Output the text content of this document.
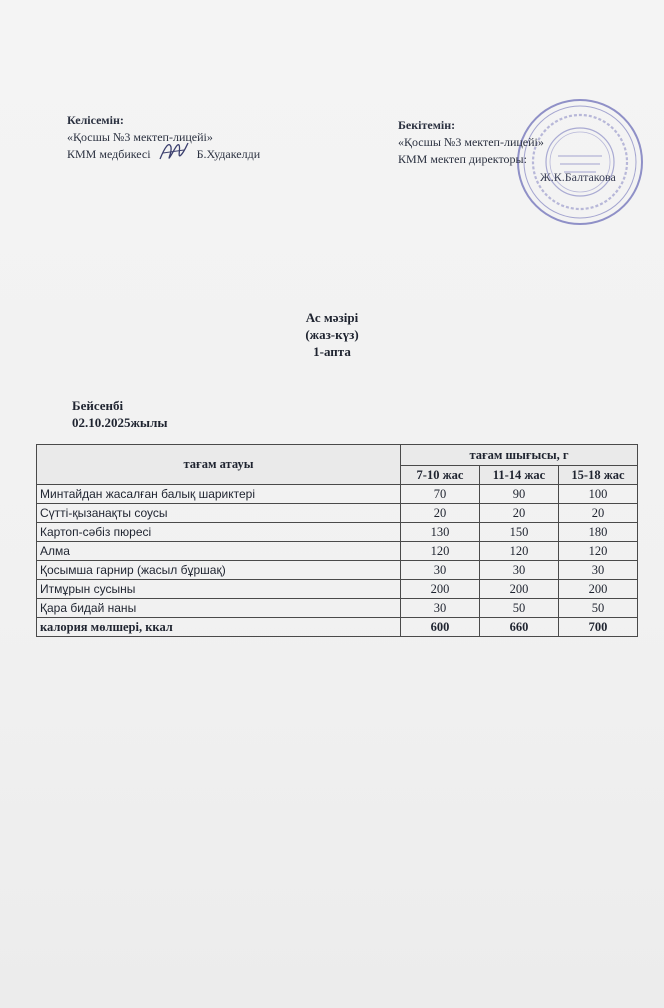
Келісемін:
«Қосшы №3 мектеп-лицейі»
КММ медбикесі	Б.Худакелди
Бекітемін:
«Қосшы №3 мектеп-лицейі»
КММ мектеп директоры:
Ж.К.Балтакова
Ас мәзірі
(жаз-күз)
1-апта
Бейсенбі
02.10.2025жылы
тағам атауы	тағам шығысы, г		
	7-10 жас	11-14 жас	15-18 жас
Минтайдан жасалған балық шариктері	70	90	100
Сүтті-қызанақты соусы	20	20	20
Картоп-сәбіз пюресі	130	150	180
Алма	120	120	120
Қосымша гарнир (жасыл бұршақ)	30	30	30
Итмұрын сусыны	200	200	200
Қара бидай наны	30	50	50
калория мөлшері, ккал	600	660	700
